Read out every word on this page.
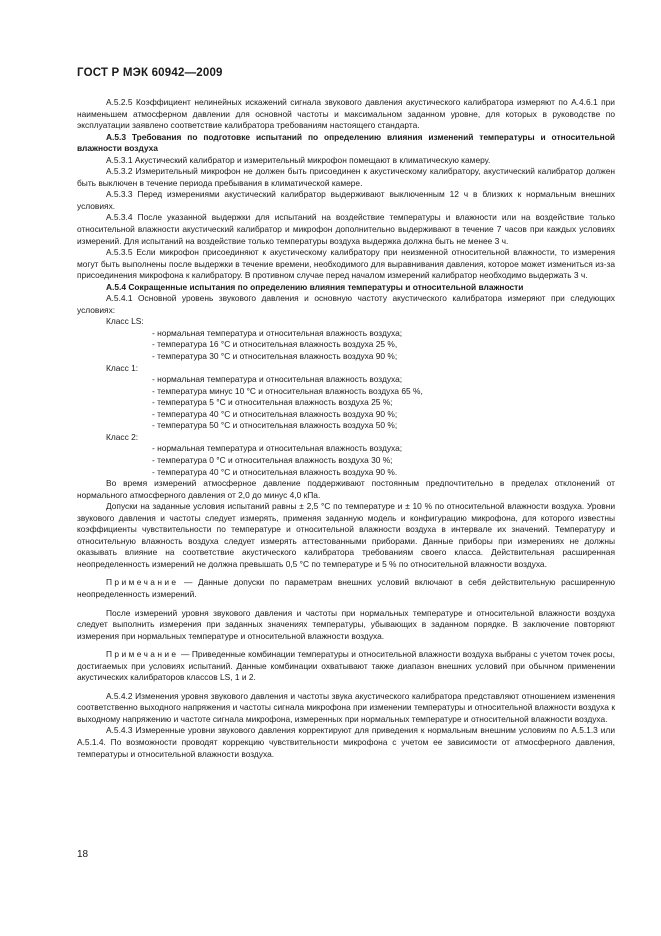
ГОСТ Р МЭК 60942—2009

А.5.2.5 Коэффициент нелинейных искажений сигнала звукового давления акустического калибратора измеряют по А.4.6.1 при наименьшем атмосферном давлении для основной частоты и максимальном заданном уровне, для которых в руководстве по эксплуатации заявлено соответствие калибратора требованиям настоящего стандарта.

А.5.3 Требования по подготовке испытаний по определению влияния изменений температуры и относительной влажности воздуха

А.5.3.1 Акустический калибратор и измерительный микрофон помещают в климатическую камеру.

А.5.3.2 Измерительный микрофон не должен быть присоединен к акустическому калибратору, акустический калибратор должен быть выключен в течение периода пребывания в климатической камере.

А.5.3.3 Перед измерениями акустический калибратор выдерживают выключенным 12 ч в близких к нормальным внешних условиях.

А.5.3.4 После указанной выдержки для испытаний на воздействие температуры и влажности или на воздействие только относительной влажности акустический калибратор и микрофон дополнительно выдерживают в течение 7 часов при каждых условиях измерений. Для испытаний на воздействие только температуры воздуха выдержка должна быть не менее 3 ч.

А.5.3.5 Если микрофон присоединяют к акустическому калибратору при неизменной относительной влажности, то измерения могут быть выполнены после выдержки в течение времени, необходимого для выравнивания давления, которое может измениться из-за присоединения микрофона к калибратору. В противном случае перед началом измерений калибратор необходимо выдержать 3 ч.

А.5.4 Сокращенные испытания по определению влияния температуры и относительной влажности

А.5.4.1 Основной уровень звукового давления и основную частоту акустического калибратора измеряют при следующих условиях:

Класс LS:

- нормальная температура и относительная влажность воздуха;

- температура 16 °С и относительная влажность воздуха 25 %,

- температура 30 °С и относительная влажность воздуха 90 %;

Класс 1:

- нормальная температура и относительная влажность воздуха;

- температура минус 10 °С и относительная влажность воздуха 65 %,

- температура 5 °С и относительная влажность воздуха 25 %;

- температура 40 °С и относительная влажность воздуха 90 %;

- температура 50 °С и относительная влажность воздуха 50 %;

Класс 2:

- нормальная температура и относительная влажность воздуха;

- температура 0 °С и относительная влажность воздуха 30 %;

- температура 40 °С и относительная влажность воздуха 90 %.

Во время измерений атмосферное давление поддерживают постоянным предпочтительно в пределах отклонений от нормального атмосферного давления от 2,0 до минус 4,0 кПа.

Допуски на заданные условия испытаний равны ± 2,5 °С по температуре и ± 10 % по относительной влажности воздуха. Уровни звукового давления и частоты следует измерять, применяя заданную модель и конфигурацию микрофона, для которого известны коэффициенты чувствительности по температуре и относительной влажности воздуха в интервале их значений. Температуру и относительную влажность воздуха следует измерять аттестованными приборами. Данные приборы при измерениях не должны оказывать влияние на соответствие акустического калибратора требованиям своего класса. Действительная расширенная неопределенность измерений не должна превышать 0,5 °С по температуре и 5 % по относительной влажности воздуха.

Примечание — Данные допуски по параметрам внешних условий включают в себя действительную расширенную неопределенность измерений.

После измерений уровня звукового давления и частоты при нормальных температуре и относительной влажности воздуха следует выполнить измерения при заданных значениях температуры, убывающих в заданном порядке. В заключение повторяют измерения при нормальных температуре и относительной влажности воздуха.

Примечание — Приведенные комбинации температуры и относительной влажности воздуха выбраны с учетом точек росы, достигаемых при условиях испытаний. Данные комбинации охватывают также диапазон внешних условий при обычном применении акустических калибраторов классов LS, 1 и 2.

А.5.4.2 Изменения уровня звукового давления и частоты звука акустического калибратора представляют отношением изменения соответственно выходного напряжения и частоты сигнала микрофона при изменении температуры и относительной влажности воздуха к выходному напряжению и частоте сигнала микрофона, измеренных при нормальных температуре и относительной влажности воздуха.

А.5.4.3 Измеренные уровни звукового давления корректируют для приведения к нормальным внешним условиям по А.5.1.3 или А.5.1.4. По возможности проводят коррекцию чувствительности микрофона с учетом ее зависимости от атмосферного давления, температуры и относительной влажности воздуха.

18
